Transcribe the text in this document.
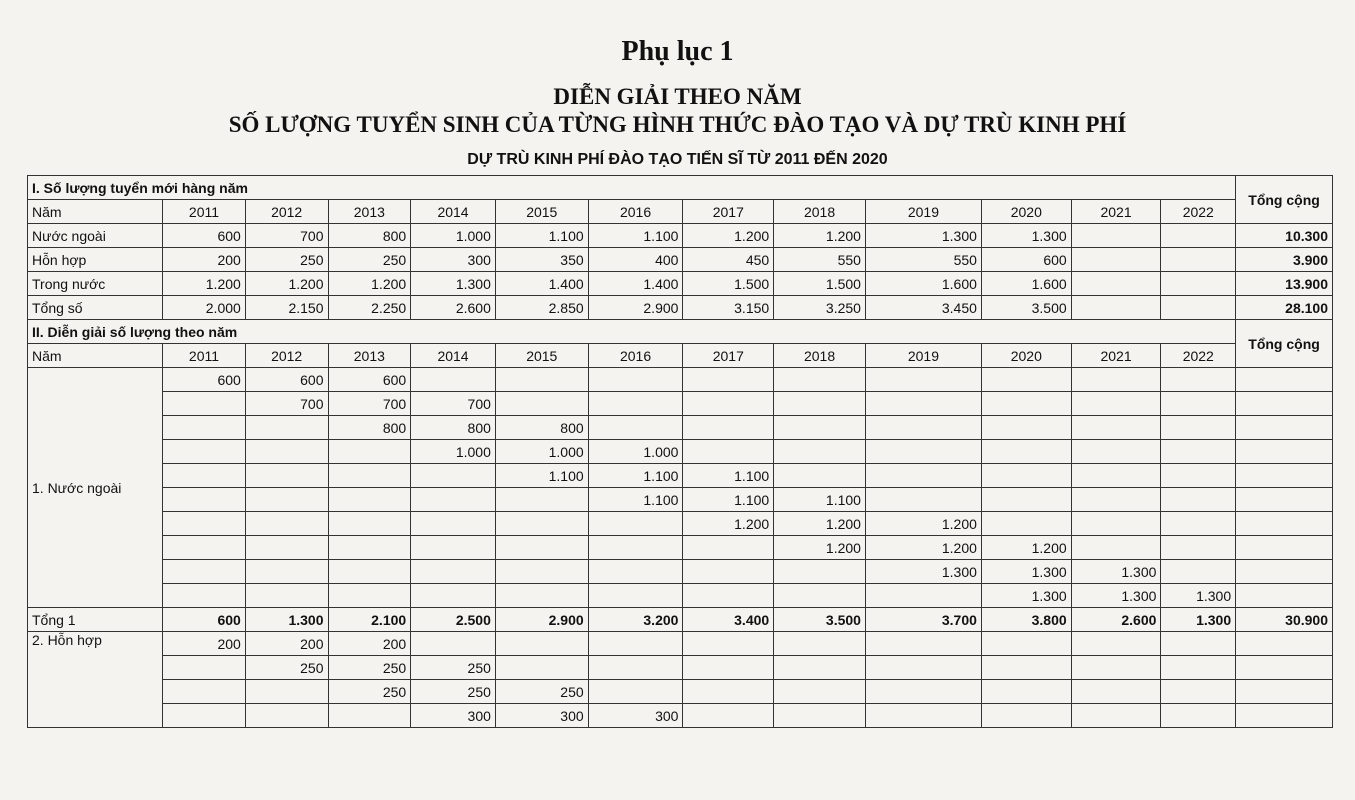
Phụ lục 1
DIỄN GIẢI THEO NĂM
SỐ LƯỢNG TUYỂN SINH CỦA TỪNG HÌNH THỨC ĐÀO TẠO VÀ DỰ TRÙ KINH PHÍ
DỰ TRÙ KINH PHÍ ĐÀO TẠO TIẾN SĨ TỪ 2011 ĐẾN 2020
I. Số lượng tuyển mới hàng năm													Tổng cộng
Năm	2011	2012	2013	2014	2015	2016	2017	2018	2019	2020	2021	2022	
Nước ngoài	600	700	800	1.000	1.100	1.100	1.200	1.200	1.300	1.300			10.300
Hỗn hợp	200	250	250	300	350	400	450	550	550	600			3.900
Trong nước	1.200	1.200	1.200	1.300	1.400	1.400	1.500	1.500	1.600	1.600			13.900
Tổng số	2.000	2.150	2.250	2.600	2.850	2.900	3.150	3.250	3.450	3.500			28.100
II. Diễn giải số lượng theo năm													Tổng cộng
Năm	2011	2012	2013	2014	2015	2016	2017	2018	2019	2020	2021	2022	
1. Nước ngoài	600	600	600										
		700	700	700									
			800	800	800								
				1.000	1.000	1.000							
					1.100	1.100	1.100						
						1.100	1.100	1.100					
							1.200	1.200	1.200				
								1.200	1.200	1.200			
									1.300	1.300	1.300		
										1.300	1.300	1.300	
Tổng 1	600	1.300	2.100	2.500	2.900	3.200	3.400	3.500	3.700	3.800	2.600	1.300	30.900
2. Hỗn hợp	200	200	200										
		250	250	250									
			250	250	250								
				300	300	300							
